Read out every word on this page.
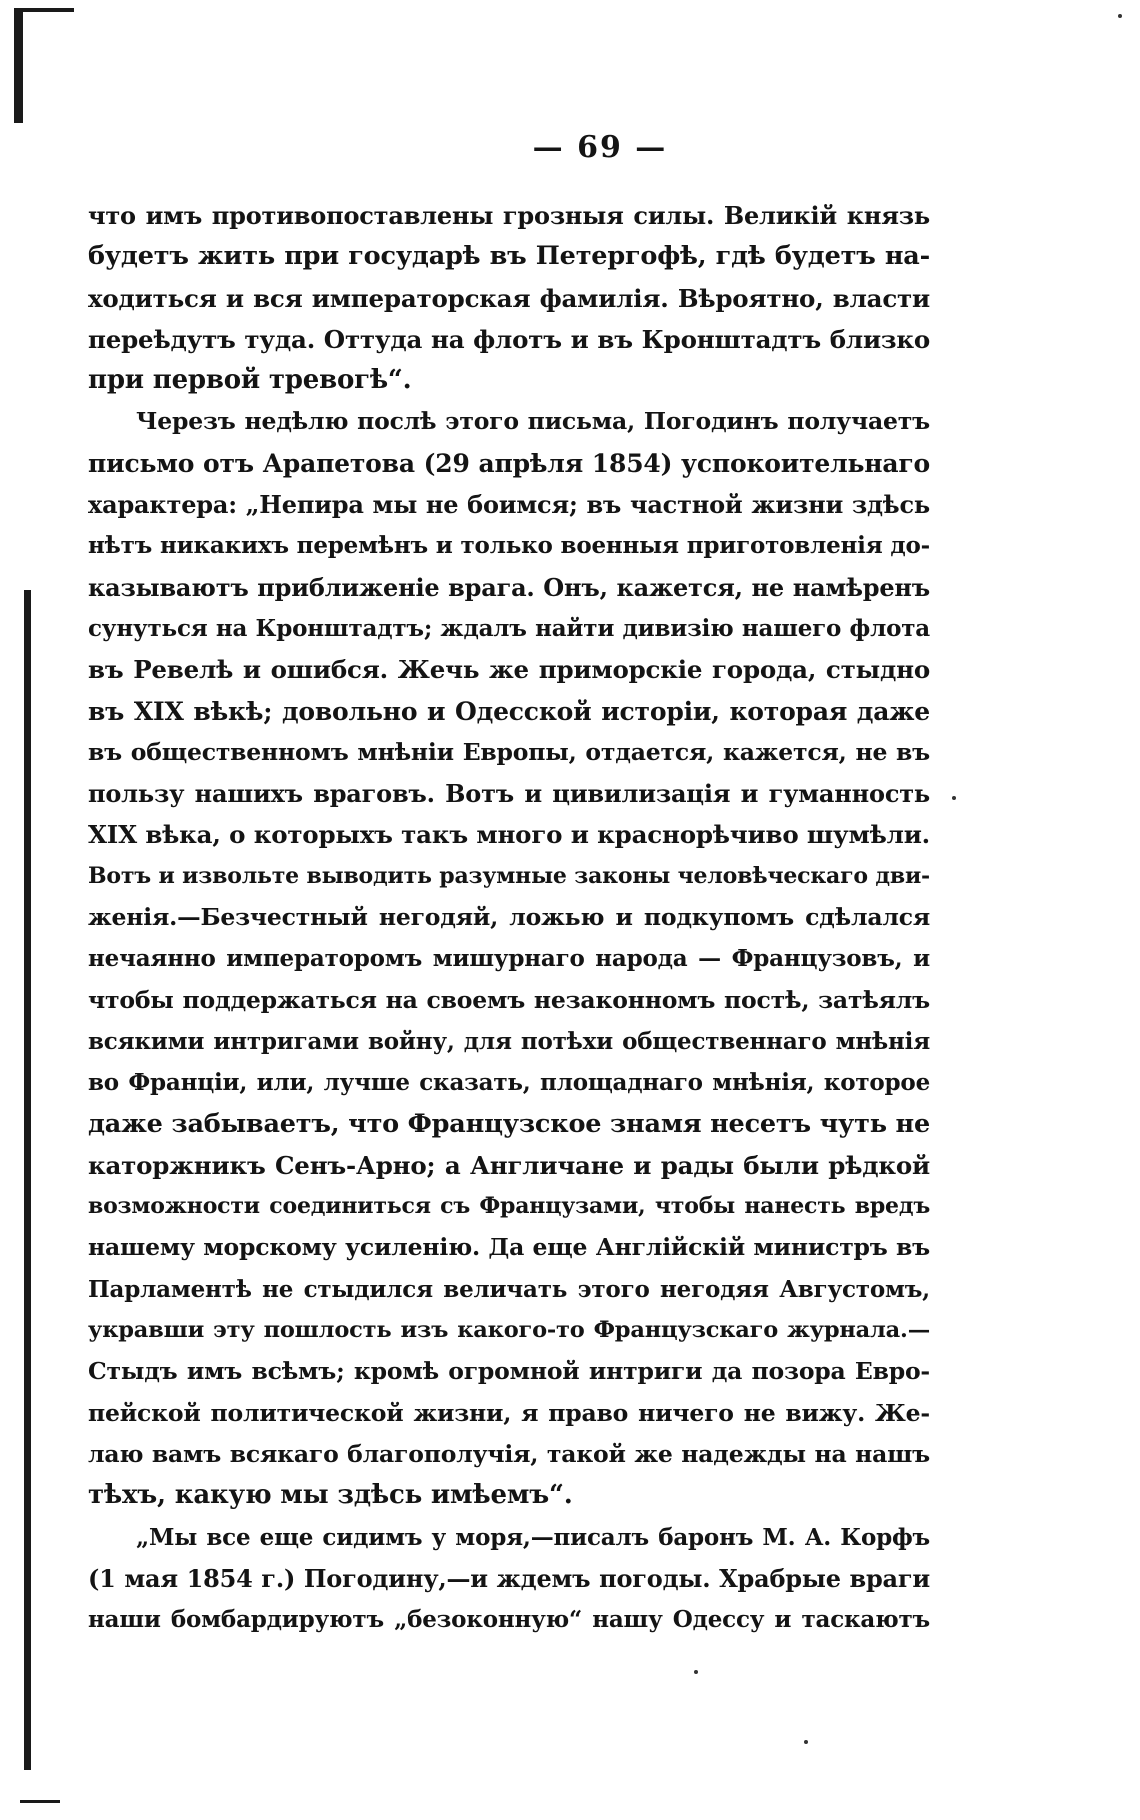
— 69 —
что имъ противопоставлены грозныя силы. Великій князь
будетъ жить при государѣ въ Петергофѣ, гдѣ будетъ на-
ходиться и вся императорская фамилія. Вѣроятно, власти
переѣдутъ туда. Оттуда на флотъ и въ Кронштадтъ близко
при первой тревогѣ“.
Черезъ недѣлю послѣ этого письма, Погодинъ получаетъ
письмо отъ Арапетова (29 апрѣля 1854) успокоительнаго
характера: „Непира мы не боимся; въ частной жизни здѣсь
нѣтъ никакихъ перемѣнъ и только военныя приготовленія до-
казываютъ приближеніе врага. Онъ, кажется, не намѣренъ
сунуться на Кронштадтъ; ждалъ найти дивизію нашего флота
въ Ревелѣ и ошибся. Жечь же приморскіе города, стыдно
въ XIX вѣкѣ; довольно и Одесской исторіи, которая даже
въ общественномъ мнѣніи Европы, отдается, кажется, не въ
пользу нашихъ враговъ. Вотъ и цивилизація и гуманность
XIX вѣка, о которыхъ такъ много и краснорѣчиво шумѣли.
Вотъ и извольте выводить разумные законы человѣческаго дви-
женія.—Безчестный негодяй, ложью и подкупомъ сдѣлался
нечаянно императоромъ мишурнаго народа — Французовъ, и
чтобы поддержаться на своемъ незаконномъ постѣ, затѣялъ
всякими интригами войну, для потѣхи общественнаго мнѣнія
во Франціи, или, лучше сказать, площаднаго мнѣнія, которое
даже забываетъ, что Французское знамя несетъ чуть не
каторжникъ Сенъ-Арно; а Англичане и рады были рѣдкой
возможности соединиться съ Французами, чтобы нанесть вредъ
нашему морскому усиленію. Да еще Англійскій министръ въ
Парламентѣ не стыдился величать этого негодяя Августомъ,
укравши эту пошлость изъ какого-то Французскаго журнала.—
Стыдъ имъ всѣмъ; кромѣ огромной интриги да позора Евро-
пейской политической жизни, я право ничего не вижу. Же-
лаю вамъ всякаго благополучія, такой же надежды на нашъ
тѣхъ, какую мы здѣсь имѣемъ“.
„Мы все еще сидимъ у моря,—писалъ баронъ М. А. Корфъ
(1 мая 1854 г.) Погодину,—и ждемъ погоды. Храбрые враги
наши бомбардируютъ „безоконную“ нашу Одессу и таскаютъ
